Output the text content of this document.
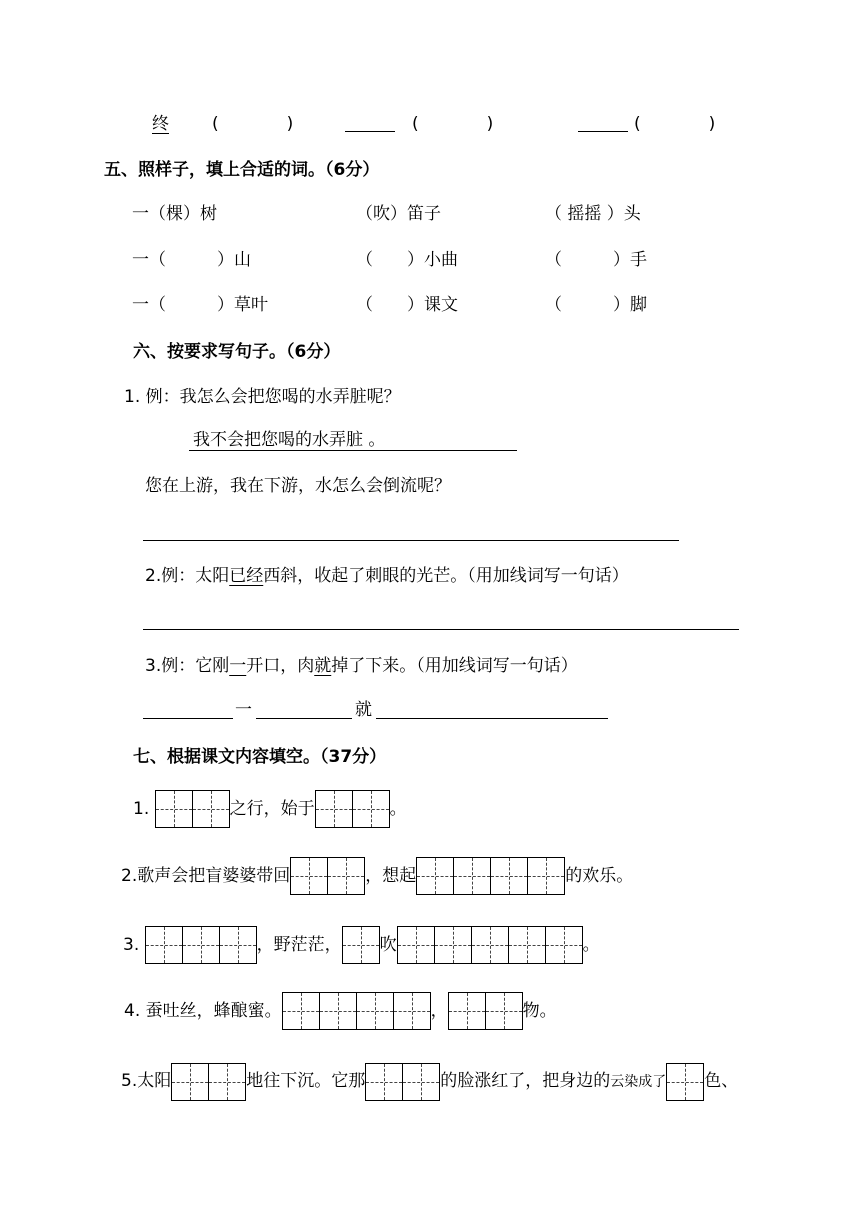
终	(　　　　)	(　　　　)	(　　　　)
五、照样子，填上合适的词。（6分）
一（棵）树	（吹）笛子	（ 摇摇 ）头
一（　　　）山	（　　）小曲	（　　　）手
一（　　　）草叶	（　　）课文	（　　　）脚
六、按要求写句子。（6分）
1. 例：我怎么会把您喝的水弄脏呢？
我不会把您喝的水弄脏 。
您在上游，我在下游，水怎么会倒流呢？
2.例：太阳已经西斜，收起了刺眼的光芒。（用加线词写一句话）
3.例：它刚一开口，肉就掉了下来。（用加线词写一句话）
一	就
七、根据课文内容填空。（37分）
1.	之行，始于	。
2.歌声会把盲婆婆带回	，想起	的欢乐。
3.	，野茫茫， 吹	。
4. 蚕吐丝，蜂酿蜜。	，	物。
5.太阳	地往下沉。它那	的脸涨红了，把身边的云染成了 色、
